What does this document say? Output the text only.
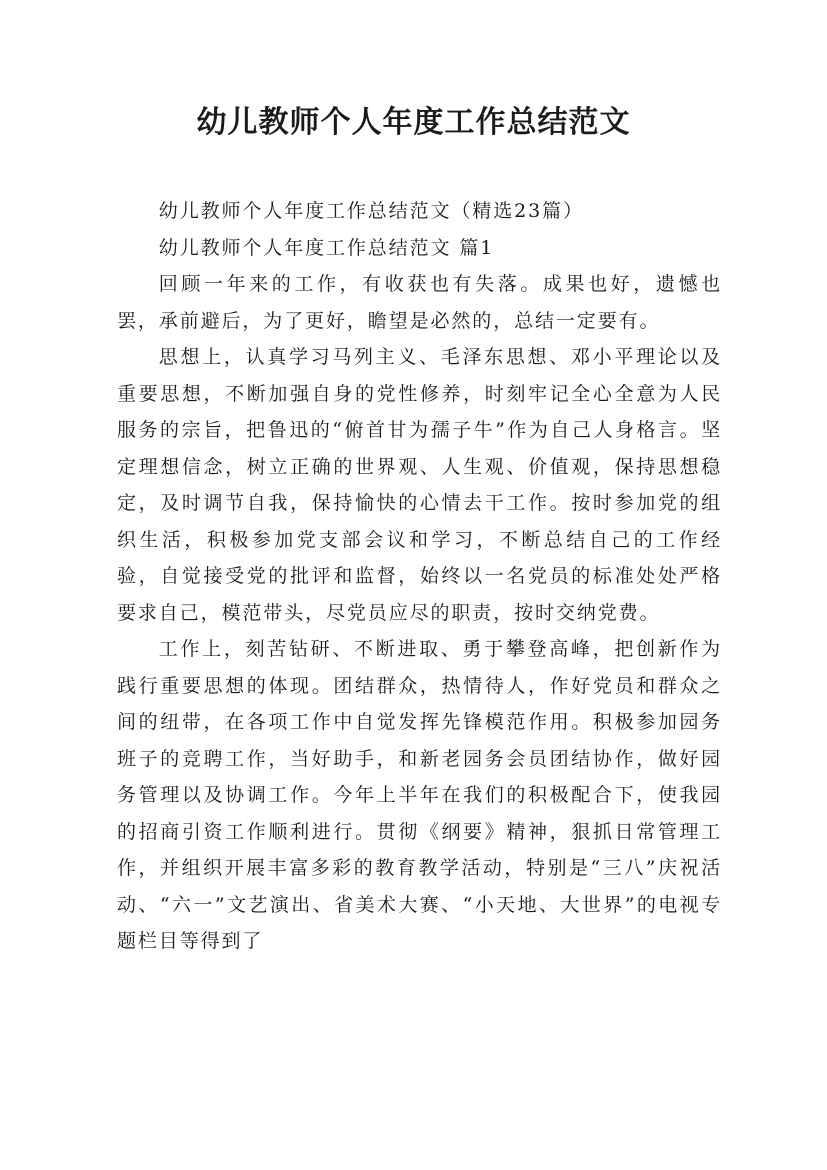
幼儿教师个人年度工作总结范文

幼儿教师个人年度工作总结范文（精选23篇）

幼儿教师个人年度工作总结范文 篇1

回顾一年来的工作，有收获也有失落。成果也好，遗憾也罢，承前避后，为了更好，瞻望是必然的，总结一定要有。

思想上，认真学习马列主义、毛泽东思想、邓小平理论以及重要思想，不断加强自身的党性修养，时刻牢记全心全意为人民服务的宗旨，把鲁迅的“俯首甘为孺子牛”作为自己人身格言。坚定理想信念，树立正确的世界观、人生观、价值观，保持思想稳定，及时调节自我，保持愉快的心情去干工作。按时参加党的组织生活，积极参加党支部会议和学习，不断总结自己的工作经验，自觉接受党的批评和监督，始终以一名党员的标准处处严格要求自己，模范带头，尽党员应尽的职责，按时交纳党费。

工作上，刻苦钻研、不断进取、勇于攀登高峰，把创新作为践行重要思想的体现。团结群众，热情待人，作好党员和群众之间的纽带，在各项工作中自觉发挥先锋模范作用。积极参加园务班子的竞聘工作，当好助手，和新老园务会员团结协作，做好园务管理以及协调工作。今年上半年在我们的积极配合下，使我园的招商引资工作顺利进行。贯彻《纲要》精神，狠抓日常管理工作，并组织开展丰富多彩的教育教学活动，特别是“三八”庆祝活动、“六一”文艺演出、省美术大赛、“小天地、大世界”的电视专题栏目等得到了
